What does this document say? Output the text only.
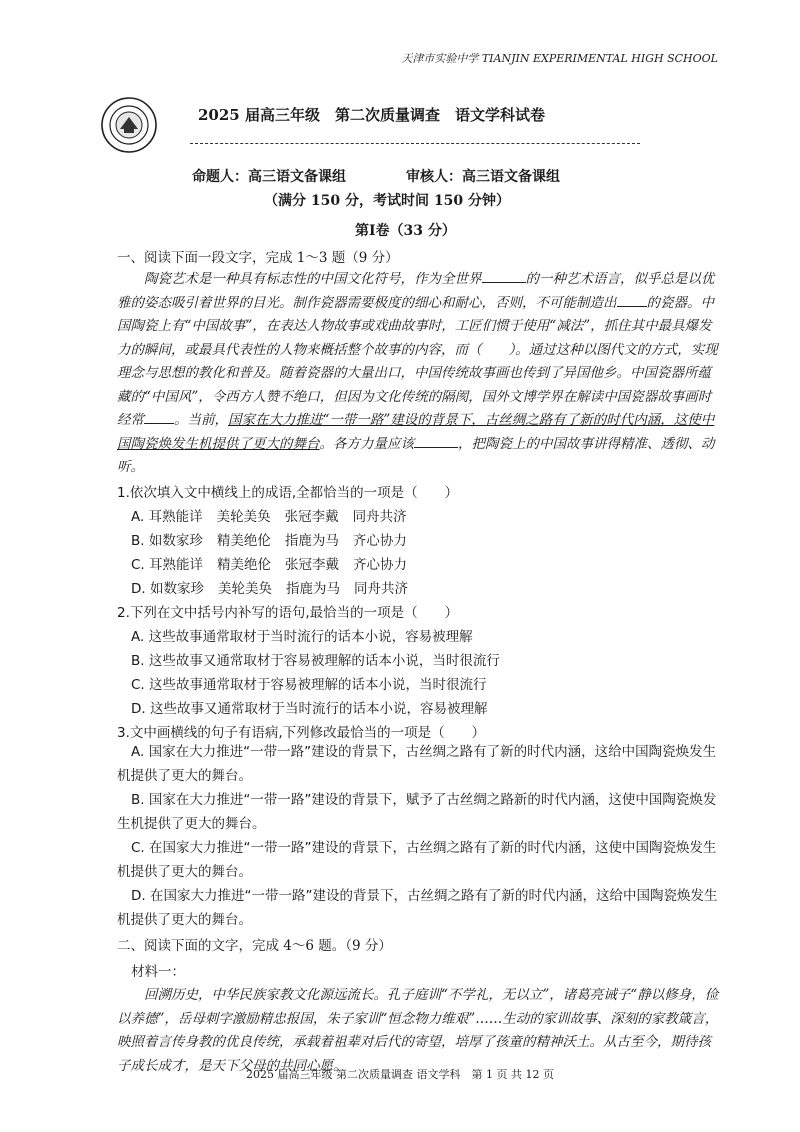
天津市实验中学 TIANJIN EXPERIMENTAL HIGH SCHOOL
2025 届高三年级　第二次质量调查　语文学科试卷
命题人：高三语文备课组	审核人：高三语文备课组
（满分 150 分，考试时间 150 分钟）
第Ⅰ卷（33 分）
一、阅读下面一段文字，完成 1～3 题（9 分）

陶瓷艺术是一种具有标志性的中国文化符号，作为全世界	的一种艺术语言，似乎总是以优雅的姿态吸引着世界的目光。制作瓷器需要极度的细心和耐心，否则，不可能制造出 的瓷器。中国陶瓷上有“中国故事”，在表达人物故事或戏曲故事时，工匠们惯于使用“减法”，抓住其中最具爆发力的瞬间，或最具代表性的人物来概括整个故事的内容，而（　　）。通过这种以图代文的方式，实现理念与思想的教化和普及。随着瓷器的大量出口，中国传统故事画也传到了异国他乡。中国瓷器所蕴藏的“中国风”，令西方人赞不绝口，但因为文化传统的隔阂，国外文博学界在解读中国瓷器故事画时经常 。当前，国家在大力推进“一带一路”建设的背景下，古丝绸之路有了新的时代内涵，这使中国陶瓷焕发生机提供了更大的舞台。各方力量应该	，把陶瓷上的中国故事讲得精准、透彻、动听。

1.依次填入文中横线上的成语,全都恰当的一项是（　　）
A. 耳熟能详 美轮美奂 张冠李戴 同舟共济
B. 如数家珍 精美绝伦 指鹿为马 齐心协力
C. 耳熟能详 精美绝伦 张冠李戴 齐心协力
D. 如数家珍 美轮美奂 指鹿为马 同舟共济
2.下列在文中括号内补写的语句,最恰当的一项是（　　）
A. 这些故事通常取材于当时流行的话本小说，容易被理解
B. 这些故事又通常取材于容易被理解的话本小说，当时很流行
C. 这些故事通常取材于容易被理解的话本小说，当时很流行
D. 这些故事又通常取材于当时流行的话本小说，容易被理解
3.文中画横线的句子有语病,下列修改最恰当的一项是（　　）

A. 国家在大力推进“一带一路”建设的背景下，古丝绸之路有了新的时代内涵，这给中国陶瓷焕发生机提供了更大的舞台。

B. 国家在大力推进“一带一路”建设的背景下，赋予了古丝绸之路新的时代内涵，这使中国陶瓷焕发生机提供了更大的舞台。

C. 在国家大力推进“一带一路”建设的背景下，古丝绸之路有了新的时代内涵，这使中国陶瓷焕发生机提供了更大的舞台。

D. 在国家大力推进“一带一路”建设的背景下，古丝绸之路有了新的时代内涵，这给中国陶瓷焕发生机提供了更大的舞台。

二、阅读下面的文字，完成 4～6 题。（9 分）
材料一：

回溯历史，中华民族家教文化源远流长。孔子庭训“不学礼，无以立”，诸葛亮诫子“静以修身，俭以养德”，岳母刺字激励精忠报国，朱子家训“恒念物力维艰”……生动的家训故事、深刻的家教箴言，映照着言传身教的优良传统，承载着祖辈对后代的寄望，培厚了孩童的精神沃土。从古至今，期待孩子成长成才，是天下父母的共同心愿。

2025 届高三年级 第二次质量调查 语文学科　第 1 页 共 12 页
